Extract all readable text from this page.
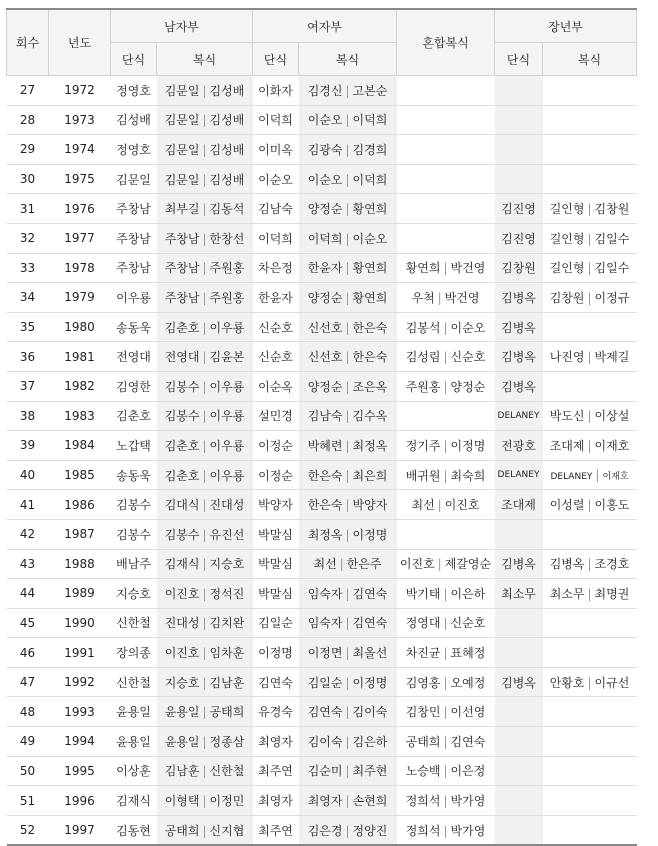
회수	년도	남자부		여자부		혼합복식	장년부	
		단식	복식	단식	복식		단식	복식
27	1972	정영호	김문일 | 김성배	이화자	김경신 | 고본순			
28	1973	김성배	김문일 | 김성배	이덕희	이순오 | 이덕희			
29	1974	정영호	김문일 | 김성배	이미옥	김광숙 | 김경희			
30	1975	김문일	김문일 | 김성배	이순오	이순오 | 이덕희			
31	1976	주창남	최부길 | 김동석	김남숙	양정순 | 황연희		김진영	길인형 | 김창원
32	1977	주창남	주창남 | 한창선	이덕희	이덕희 | 이순오		김진영	길인형 | 김일수
33	1978	주창남	주창남 | 주원홍	차은정	한윤자 | 황연희	황연희 | 박건영	김창원	길인형 | 김일수
34	1979	이우룡	주창남 | 주원홍	한윤자	양정순 | 황연희	우척 | 박건영	김병옥	김창원 | 이정규
35	1980	송동욱	김춘호 | 이우룡	신순호	신선호 | 한은숙	김봉석 | 이순오	김병옥	
36	1981	전영대	전영대 | 김윤본	신순호	신선호 | 한은숙	김성림 | 신순호	김병옥	나진영 | 박제길
37	1982	김영한	김봉수 | 이우룡	이순옥	양정순 | 조은옥	주원홍 | 양정순	김병옥	
38	1983	김춘호	김봉수 | 이우룡	설민경	김남숙 | 김수옥		DELANEY	박도신 | 이상설
39	1984	노갑택	김춘호 | 이우룡	이정순	박혜련 | 최정옥	정기주 | 이정명	전광호	조대제 | 이재호
40	1985	송동욱	김춘호 | 이우룡	이정순	한은숙 | 최은희	배귀원 | 최숙희	DELANEY	DELANEY | 이재호
41	1986	김봉수	김대식 | 진대성	박양자	한은숙 | 박양자	최선 | 이진호	조대제	이성렬 | 이홍도
42	1987	김봉수	김봉수 | 유진선	박말심	최정옥 | 이정명			
43	1988	배남주	김재식 | 지승호	박말심	최선 | 한은주	이진호 | 제갈영순	김병옥	김병옥 | 조경호
44	1989	지승호	이진호 | 정석진	박말심	임숙자 | 김연숙	박기태 | 이은하	최소무	최소무 | 최명권
45	1990	신한철	진대성 | 김치완	김일순	임숙자 | 김연숙	정영대 | 신순호		
46	1991	장의종	이진호 | 임차훈	이정명	이정면 | 최올선	차진균 | 표혜정		
47	1992	신한철	지승호 | 김남훈	김연숙	김일순 | 이정명	김영홍 | 오예정	김병옥	안황호 | 이규선
48	1993	윤용일	윤용일 | 공태희	유경숙	김연숙 | 김이숙	김창민 | 이선영		
49	1994	윤용일	윤용일 | 정종삼	최영자	김이숙 | 김은하	공태희 | 김연숙		
50	1995	이상훈	김남훈 | 신한철	최주연	김순미 | 최주현	노승백 | 이은정		
51	1996	김재식	이형택 | 이정민	최영자	최영자 | 손현희	정희석 | 박가영		
52	1997	김동현	공태희 | 신지협	최주연	김은경 | 정양진	정희석 | 박가영		
